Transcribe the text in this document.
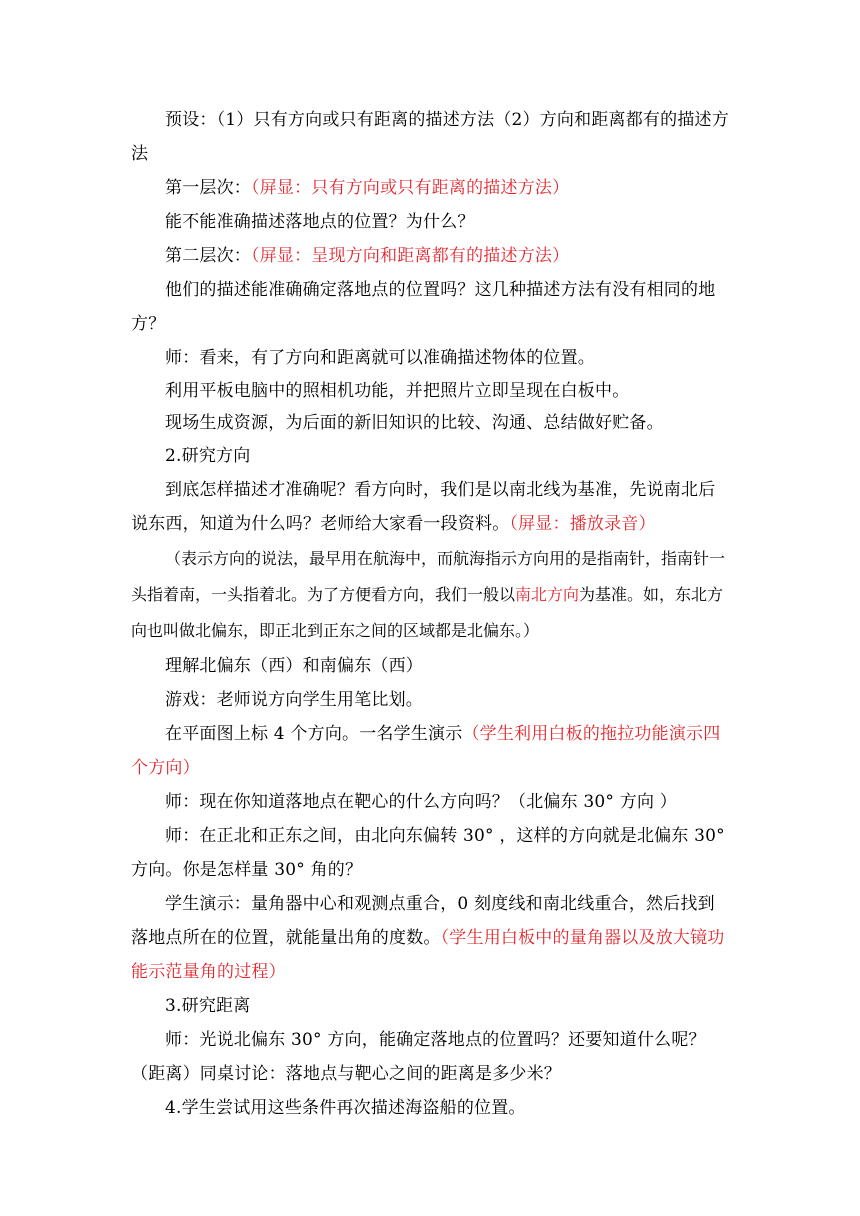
预设：（1）只有方向或只有距离的描述方法（2）方向和距离都有的描述方法

第一层次：（屏显：只有方向或只有距离的描述方法）

能不能准确描述落地点的位置？为什么？

第二层次：（屏显：呈现方向和距离都有的描述方法）

他们的描述能准确确定落地点的位置吗？这几种描述方法有没有相同的地方？

师：看来，有了方向和距离就可以准确描述物体的位置。

利用平板电脑中的照相机功能，并把照片立即呈现在白板中。

现场生成资源，为后面的新旧知识的比较、沟通、总结做好贮备。

2.研究方向

到底怎样描述才准确呢？看方向时，我们是以南北线为基准，先说南北后说东西，知道为什么吗？老师给大家看一段资料。（屏显：播放录音）

（表示方向的说法，最早用在航海中，而航海指示方向用的是指南针，指南针一头指着南，一头指着北。为了方便看方向，我们一般以南北方向为基准。如，东北方向也叫做北偏东，即正北到正东之间的区域都是北偏东。）

理解北偏东（西）和南偏东（西）

游戏：老师说方向学生用笔比划。

在平面图上标 4 个方向。一名学生演示（学生利用白板的拖拉功能演示四个方向）

师：现在你知道落地点在靶心的什么方向吗？（北偏东 30° 方向 ）

师：在正北和正东之间，由北向东偏转 30° ，这样的方向就是北偏东 30° 方向。你是怎样量 30° 角的？

学生演示：量角器中心和观测点重合，0 刻度线和南北线重合，然后找到落地点所在的位置，就能量出角的度数。（学生用白板中的量角器以及放大镜功能示范量角的过程）

3.研究距离

师：光说北偏东 30° 方向，能确定落地点的位置吗？还要知道什么呢？（距离）同桌讨论：落地点与靶心之间的距离是多少米？

4.学生尝试用这些条件再次描述海盗船的位置。
